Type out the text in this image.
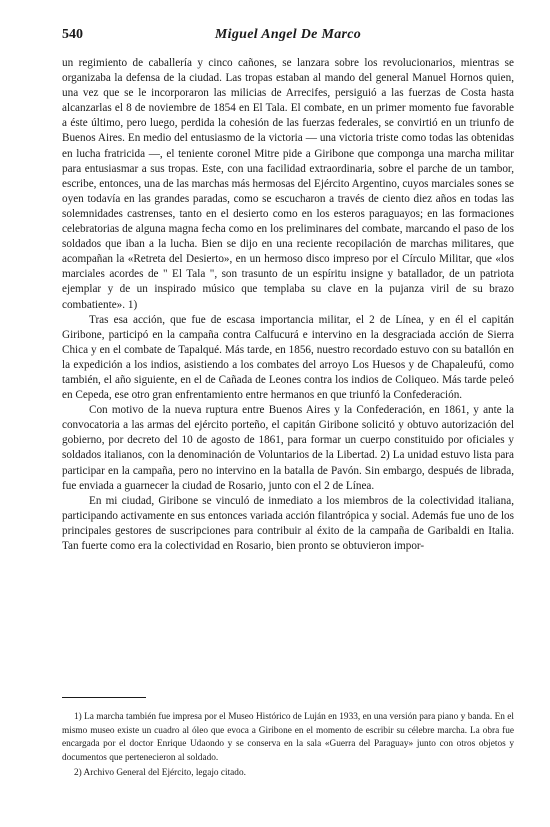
540	Miguel Angel De Marco

un regimiento de caballería y cinco cañones, se lanzara sobre los revolucionarios, mientras se organizaba la defensa de la ciudad. Las tropas estaban al mando del general Manuel Hornos quien, una vez que se le incorporaron las milicias de Arrecifes, persiguió a las fuerzas de Costa hasta alcanzarlas el 8 de noviembre de 1854 en El Tala. El combate, en un primer momento fue favorable a éste último, pero luego, perdida la cohesión de las fuerzas federales, se convirtió en un triunfo de Buenos Aires. En medio del entusiasmo de la victoria — una victoria triste como todas las obtenidas en lucha fratricida —, el teniente coronel Mitre pide a Giribone que componga una marcha militar para entusiasmar a sus tropas. Este, con una facilidad extraordinaria, sobre el parche de un tambor, escribe, entonces, una de las marchas más hermosas del Ejército Argentino, cuyos marciales sones se oyen todavía en las grandes paradas, como se escucharon a través de ciento diez años en todas las solemnidades castrenses, tanto en el desierto como en los esteros paraguayos; en las formaciones celebratorias de alguna magna fecha como en los preliminares del combate, marcando el paso de los soldados que iban a la lucha. Bien se dijo en una reciente recopilación de marchas militares, que acompañan la «Retreta del Desierto», en un hermoso disco impreso por el Círculo Militar, que «los marciales acordes de " El Tala ", son trasunto de un espíritu insigne y batallador, de un patriota ejemplar y de un inspirado músico que templaba su clave en la pujanza viril de su brazo combatiente». 1)

Tras esa acción, que fue de escasa importancia militar, el 2 de Línea, y en él el capitán Giribone, participó en la campaña contra Calfucurá e intervino en la desgraciada acción de Sierra Chica y en el combate de Tapalqué. Más tarde, en 1856, nuestro recordado estuvo con su batallón en la expedición a los indios, asistiendo a los combates del arroyo Los Huesos y de Chapaleufú, como también, el año siguiente, en el de Cañada de Leones contra los indios de Coliqueo. Más tarde peleó en Cepeda, ese otro gran enfrentamiento entre hermanos en que triunfó la Confederación.

Con motivo de la nueva ruptura entre Buenos Aires y la Confederación, en 1861, y ante la convocatoria a las armas del ejército porteño, el capitán Giribone solicitó y obtuvo autorización del gobierno, por decreto del 10 de agosto de 1861, para formar un cuerpo constituido por oficiales y soldados italianos, con la denominación de Voluntarios de la Libertad. 2) La unidad estuvo lista para participar en la campaña, pero no intervino en la batalla de Pavón. Sin embargo, después de librada, fue enviada a guarnecer la ciudad de Rosario, junto con el 2 de Línea.

En mi ciudad, Giribone se vinculó de inmediato a los miembros de la colectividad italiana, participando activamente en sus entonces variada acción filantrópica y social. Además fue uno de los principales gestores de suscripciones para contribuir al éxito de la campaña de Garibaldi en Italia. Tan fuerte como era la colectividad en Rosario, bien pronto se obtuvieron impor-

1) La marcha también fue impresa por el Museo Histórico de Luján en 1933, en una versión para piano y banda. En el mismo museo existe un cuadro al óleo que evoca a Giribone en el momento de escribir su célebre marcha. La obra fue encargada por el doctor Enrique Udaondo y se conserva en la sala «Guerra del Paraguay» junto con otros objetos y documentos que pertenecieron al soldado.

2) Archivo General del Ejército, legajo citado.
